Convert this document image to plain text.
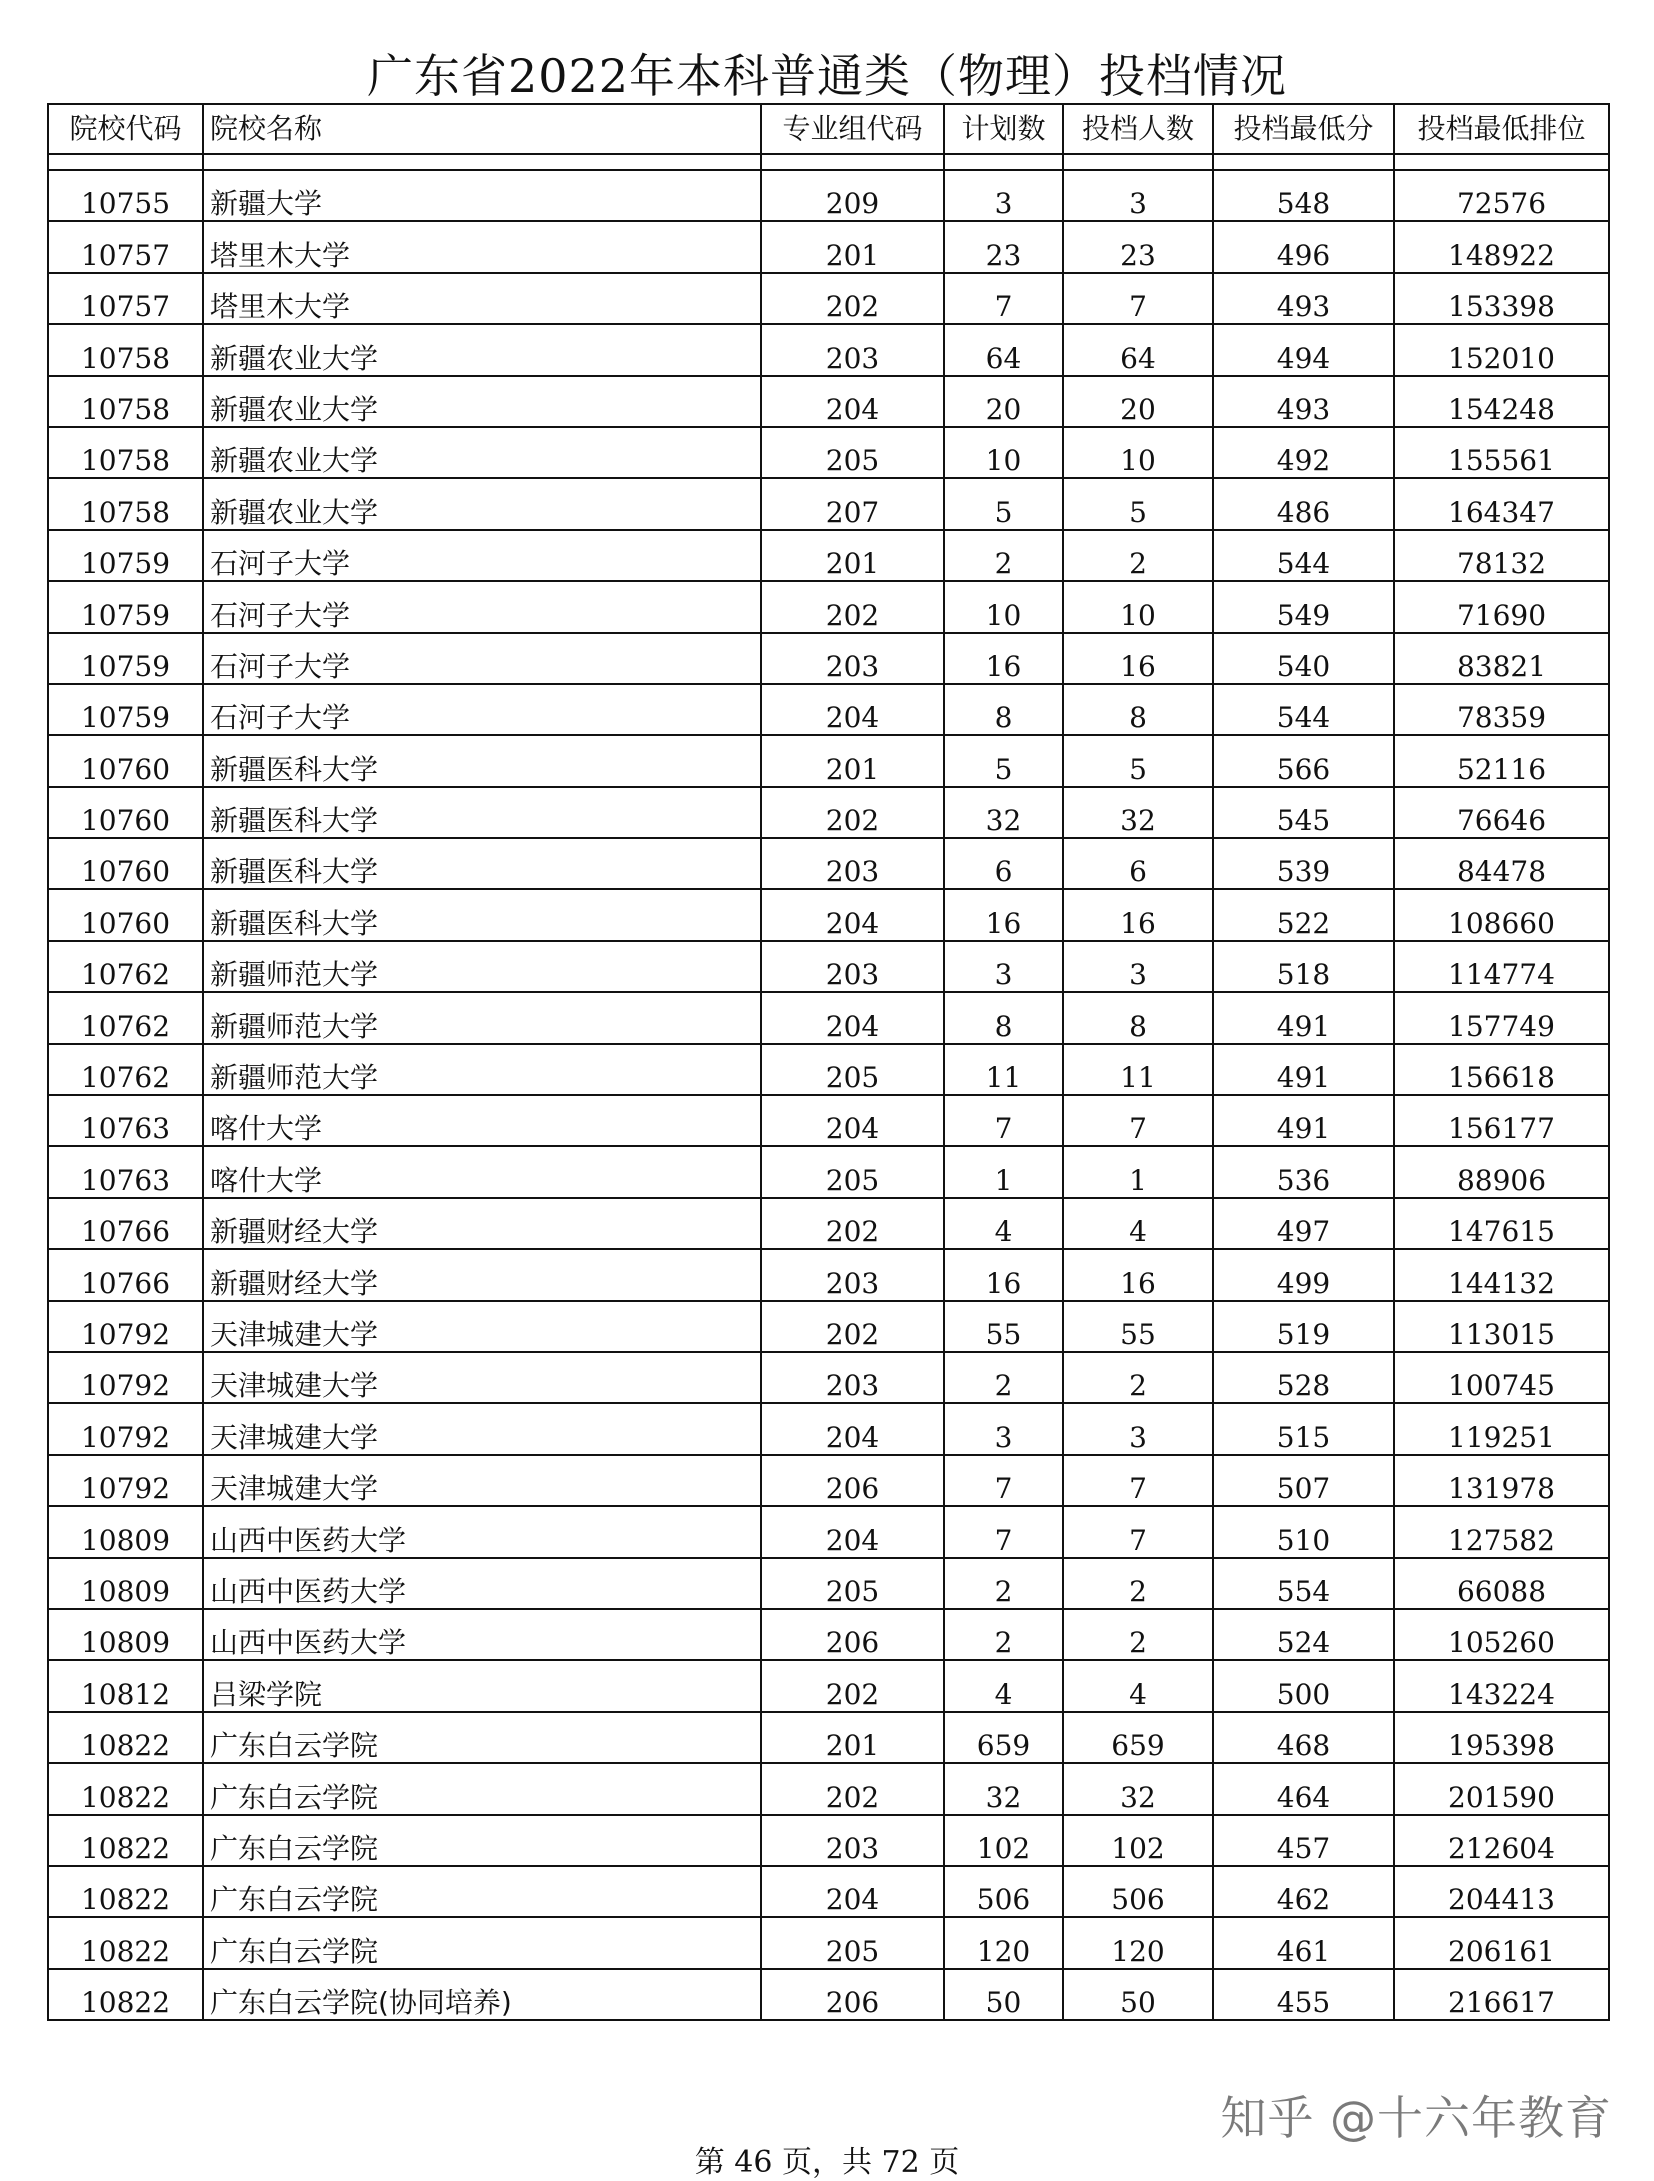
广东省2022年本科普通类（物理）投档情况
院校代码	院校名称	专业组代码	计划数	投档人数	投档最低分	投档最低排位

10755	新疆大学	209	3	3	548	72576
10757	塔里木大学	201	23	23	496	148922
10757	塔里木大学	202	7	7	493	153398
10758	新疆农业大学	203	64	64	494	152010
10758	新疆农业大学	204	20	20	493	154248
10758	新疆农业大学	205	10	10	492	155561
10758	新疆农业大学	207	5	5	486	164347
10759	石河子大学	201	2	2	544	78132
10759	石河子大学	202	10	10	549	71690
10759	石河子大学	203	16	16	540	83821
10759	石河子大学	204	8	8	544	78359
10760	新疆医科大学	201	5	5	566	52116
10760	新疆医科大学	202	32	32	545	76646
10760	新疆医科大学	203	6	6	539	84478
10760	新疆医科大学	204	16	16	522	108660
10762	新疆师范大学	203	3	3	518	114774
10762	新疆师范大学	204	8	8	491	157749
10762	新疆师范大学	205	11	11	491	156618
10763	喀什大学	204	7	7	491	156177
10763	喀什大学	205	1	1	536	88906
10766	新疆财经大学	202	4	4	497	147615
10766	新疆财经大学	203	16	16	499	144132
10792	天津城建大学	202	55	55	519	113015
10792	天津城建大学	203	2	2	528	100745
10792	天津城建大学	204	3	3	515	119251
10792	天津城建大学	206	7	7	507	131978
10809	山西中医药大学	204	7	7	510	127582
10809	山西中医药大学	205	2	2	554	66088
10809	山西中医药大学	206	2	2	524	105260
10812	吕梁学院	202	4	4	500	143224
10822	广东白云学院	201	659	659	468	195398
10822	广东白云学院	202	32	32	464	201590
10822	广东白云学院	203	102	102	457	212604
10822	广东白云学院	204	506	506	462	204413
10822	广东白云学院	205	120	120	461	206161
10822	广东白云学院(协同培养)	206	50	50	455	216617
知乎 @十六年教育
第 46 页，共 72 页
